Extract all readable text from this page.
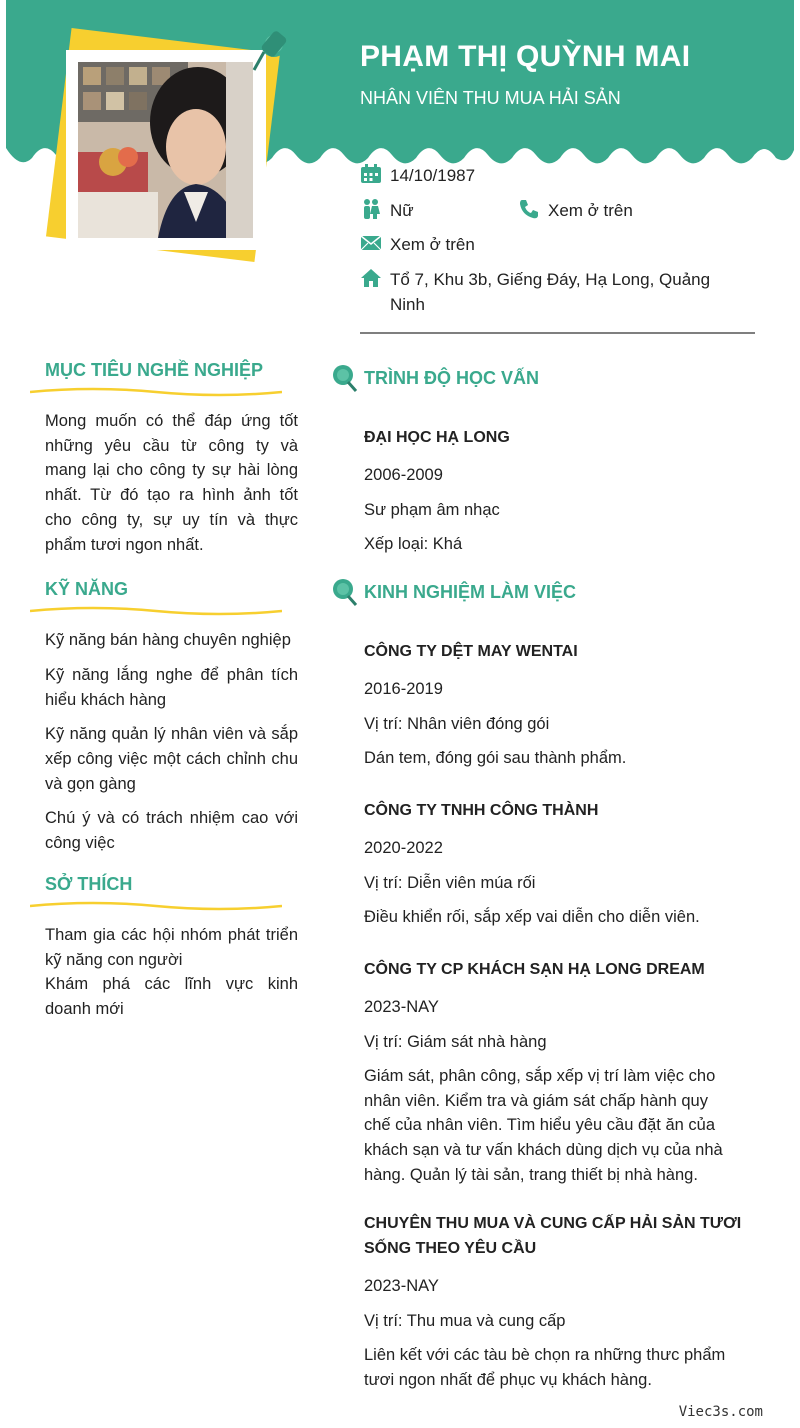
PHẠM THỊ QUỲNH MAI
NHÂN VIÊN THU MUA HẢI SẢN
14/10/1987
Nữ	Xem ở trên
Xem ở trên
Tổ 7, Khu 3b, Giếng Đáy, Hạ Long, Quảng
Ninh
MỤC TIÊU NGHỀ NGHIỆP
Mong muốn có thể đáp ứng tốt những yêu cầu từ công ty và mang lại cho công ty sự hài lòng nhất. Từ đó tạo ra hình ảnh tốt cho công ty, sự uy tín và thực phẩm tươi ngon nhất.
KỸ NĂNG
Kỹ năng bán hàng chuyên nghiệp
Kỹ năng lắng nghe để phân tích hiểu khách hàng
Kỹ năng quản lý nhân viên và sắp xếp công việc một cách chỉnh chu và gọn gàng
Chú ý và có trách nhiệm cao với công việc
SỞ THÍCH
Tham gia các hội nhóm phát triển kỹ năng con người
Khám phá các lĩnh vực kinh doanh mới
TRÌNH ĐỘ HỌC VẤN
ĐẠI HỌC HẠ LONG
2006-2009
Sư phạm âm nhạc
Xếp loại: Khá
KINH NGHIỆM LÀM VIỆC
CÔNG TY DỆT MAY WENTAI
2016-2019
Vị trí: Nhân viên đóng gói
Dán tem, đóng gói sau thành phẩm.
CÔNG TY TNHH CÔNG THÀNH
2020-2022
Vị trí: Diễn viên múa rối
Điều khiển rối, sắp xếp vai diễn cho diễn viên.
CÔNG TY CP KHÁCH SẠN HẠ LONG DREAM
2023-NAY
Vị trí: Giám sát nhà hàng
Giám sát, phân công, sắp xếp vị trí làm việc cho nhân viên. Kiểm tra và giám sát chấp hành quy chế của nhân viên. Tìm hiểu yêu cầu đặt ăn của khách sạn và tư vấn khách dùng dịch vụ của nhà hàng. Quản lý tài sản, trang thiết bị nhà hàng.
CHUYÊN THU MUA VÀ CUNG CẤP HẢI SẢN TƯƠI
SỐNG THEO YÊU CẦU
2023-NAY
Vị trí: Thu mua và cung cấp
Liên kết với các tàu bè chọn ra những thưc phẩm tươi ngon nhất để phục vụ khách hàng.
Viec3s.com
